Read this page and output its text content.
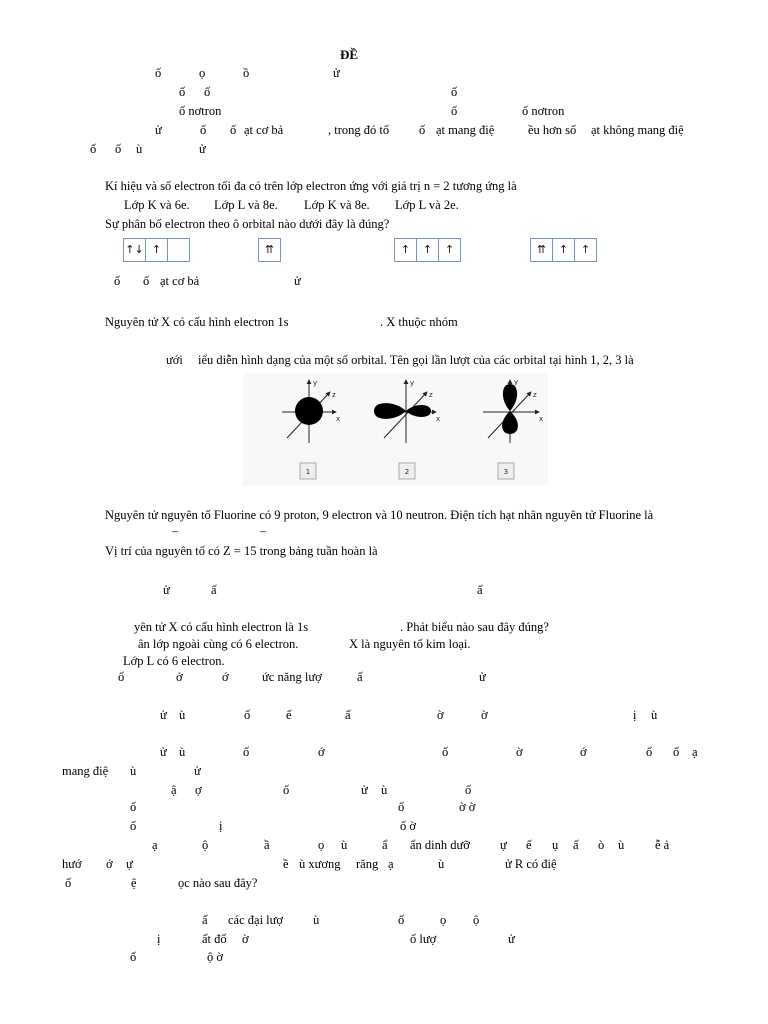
ĐỀ
ố	ọ	ồ	ử
ố ố	ố
ố nơtron	ố	ố nơtron
ử	ố ố ạt cơ bả	, trong đó tổ ố ạt mang điệ	ều hơn số ạt không mang điệ
ố ố ù	ử
Kí hiệu và số electron tối đa có trên lớp electron ứng với giá trị n = 2 tương ứng là
Lớp K và 6e. Lớp L và 8e. Lớp K và 8e. Lớp L và 2e.
Sự phân bố electron theo ô orbital nào dưới đây là đúng?
↑↓ ↑	⇈	↑	↑	↑	⇈	↑	↑
ố ố ạt cơ bả	ử
Nguyên tử X có cấu hình electron 1s	. X thuộc nhóm
ưới iểu diễn hình dạng của một số orbital. Tên gọi lần lượt của các orbital tại hình 1, 2, 3 là
y
z
x
y
z
x
y
z
x
1	2	3
Nguyên tử nguyên tố Fluorine có 9 proton, 9 electron và 10 neutron. Điện tích hạt nhân nguyên tử Fluorine là
–	–
Vị trí của nguyên tố có Z = 15 trong bảng tuần hoàn là
ử	ấ	ấ
yên tử X có cấu hình electron là 1s	. Phát biểu nào sau đây đúng?
ân lớp ngoài cùng có 6 electron.	X là nguyên tố kim loại.
Lớp L có 6 electron.
ố	ở	ớ	ức năng lượ	ấ	ử
ử ù	ố	ế	ấ	ờ	ờ	ị ù
ử ù	ố	ớ	ố	ờ	ớ	ổ ố ạ
mang điệ ù	ử
ậ ợ	ố	ử ù	ố
ố	ố	ờ ờ
ố	ị	ố ờ
ạ	ộ	ầ	ọ ù	ẩ ẩn dinh dưỡ ự ế ụ ấ ò ù ễ ả
hướ ớ ự	ề ù xương răng ạ	ù	ử R có điệ
ố	ệ	ọc nào sau đây?
ấ các đại lượ ù	ố	ọ ộ
ị	ất đổ ờ	ố lượ	ử
ố	ộ ờ
